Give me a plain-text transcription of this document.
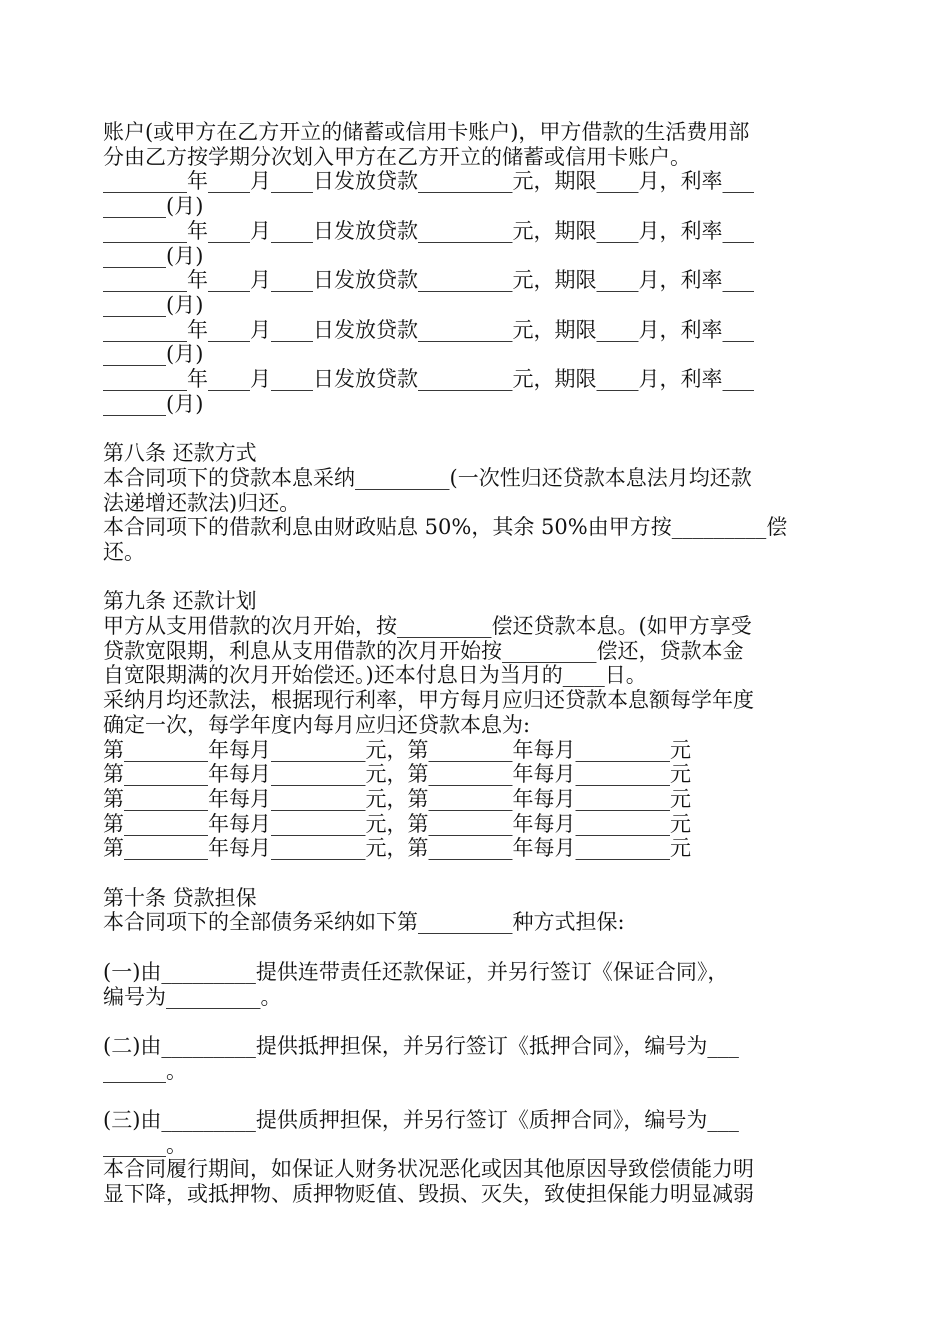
账户(或甲方在乙方开立的储蓄或信用卡账户)，甲方借款的生活费用部
分由乙方按学期分次划入甲方在乙方开立的储蓄或信用卡账户。
________年____月____日发放贷款_________元，期限____月，利率___
______(月)
________年____月____日发放贷款_________元，期限____月，利率___
______(月)
________年____月____日发放贷款_________元，期限____月，利率___
______(月)
________年____月____日发放贷款_________元，期限____月，利率___
______(月)
________年____月____日发放贷款_________元，期限____月，利率___
______(月)
第八条 还款方式
本合同项下的贷款本息采纳_________(一次性归还贷款本息法月均还款
法递增还款法)归还。
本合同项下的借款利息由财政贴息 50%，其余 50%由甲方按_________偿
还。
第九条 还款计划
甲方从支用借款的次月开始，按_________偿还贷款本息。(如甲方享受
贷款宽限期，利息从支用借款的次月开始按_________偿还，贷款本金
自宽限期满的次月开始偿还。)还本付息日为当月的____日。
采纳月均还款法，根据现行利率，甲方每月应归还贷款本息额每学年度
确定一次，每学年度内每月应归还贷款本息为:
第________年每月_________元，第________年每月_________元
第________年每月_________元，第________年每月_________元
第________年每月_________元，第________年每月_________元
第________年每月_________元，第________年每月_________元
第________年每月_________元，第________年每月_________元
第十条 贷款担保
本合同项下的全部债务采纳如下第_________种方式担保:
(一)由_________提供连带责任还款保证，并另行签订《保证合同》，
编号为_________。
(二)由_________提供抵押担保，并另行签订《抵押合同》，编号为___
______。
(三)由_________提供质押担保，并另行签订《质押合同》，编号为___
______。
本合同履行期间，如保证人财务状况恶化或因其他原因导致偿债能力明
显下降，或抵押物、质押物贬值、毁损、灭失，致使担保能力明显减弱
